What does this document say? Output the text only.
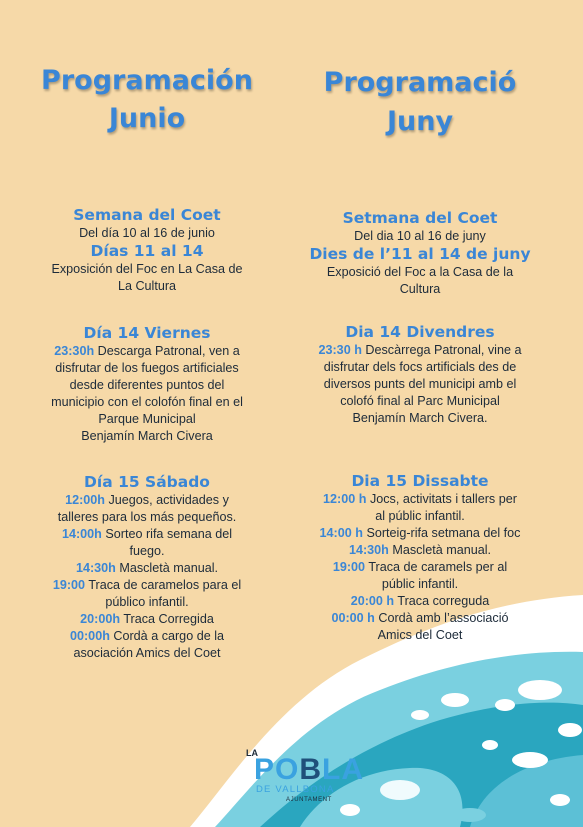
Programación
Junio
Semana del Coet
Del día 10 al 16 de junio
Días 11 al 14
Exposición del Foc en La Casa de
La Cultura
Día 14 Viernes
23:30h Descarga Patronal, ven a
disfrutar de los fuegos artificiales
desde diferentes puntos del
municipio con el colofón final en el
Parque Municipal
Benjamín March Civera
Día 15 Sábado
12:00h Juegos, actividades y
talleres para los más pequeños.
14:00h Sorteo rifa semana del
fuego.
14:30h Mascletà manual.
19:00 Traca de caramelos para el
público infantil.
20:00h Traca Corregida
00:00h Cordà a cargo de la
asociación Amics del Coet
Programació
Juny
Setmana del Coet
Del dia 10 al 16 de juny
Dies de l’11 al 14 de juny
Exposició del Foc a la Casa de la
Cultura
Dia 14 Divendres
23:30 h Descàrrega Patronal, vine a
disfrutar dels focs artificials des de
diversos punts del municipi amb el
colofó final al Parc Municipal
Benjamín March Civera.
Dia 15 Dissabte
12:00 h Jocs, activitats i tallers per
al públic infantil.
14:00 h Sorteig-rifa setmana del foc
14:30h Mascletà manual.
19:00 Traca de caramels per al
públic infantil.
20:00 h Traca correguda
00:00 h Cordà amb l’associació
Amics del Coet
LA
POBLA
DE VALLBONA
AJUNTAMENT
